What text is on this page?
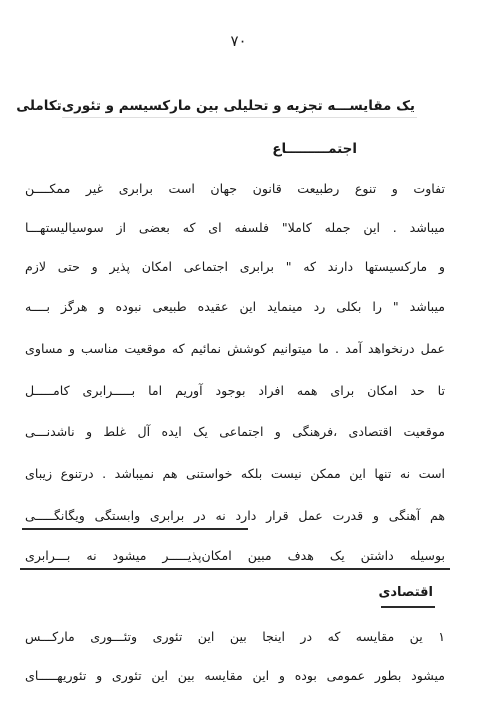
۷۰
یک مقایســـه تجزیه و تحلیلی بین مارکسیسم و تئوری‌تکاملی
اجتمـــــــــاع
تفاوت و تنوع رطبیعت قانون جهان است برابری غیر ممکــــن
میباشد . این جمله کاملا" فلسفه ای که بعضی از سوسیالیستهـــا
و مارکسیستها دارند که " برابری اجتماعی امکان پذیر و حتی لازم
میباشد " را بکلی رد مینماید این عقیده طبیعی نبوده و هرگز بــــه
عمل درنخواهد آمد . ما میتوانیم کوشش نمائیم که موقعیت مناسب و مساوی
تا حد امکان برای همه افراد بوجود آوریم اما بـــــرابری کامـــــل
موقعیت اقتصادی ،فرهنگی و اجتماعی یک ایده آل غلط و ناشدنـــی
است نه تنها این ممکن نیست بلکه خواستنی هم نمیباشد . درتنوع زیبای
هم آهنگی و قدرت عمل قرار دارد نه در برابری وابستگی ویگانگـــــی
بوسیله داشتن یک هدف مبین امکان‌پذیـــــر میشود نه بـــرابری
اقتصادی
۱ ین مقایسه که در اینجا بین این تئوری وتئـــوری مارکـــس
میشود بطور عمومی بوده و این مقایسه بین این تئوری و تئوریهـــــای
